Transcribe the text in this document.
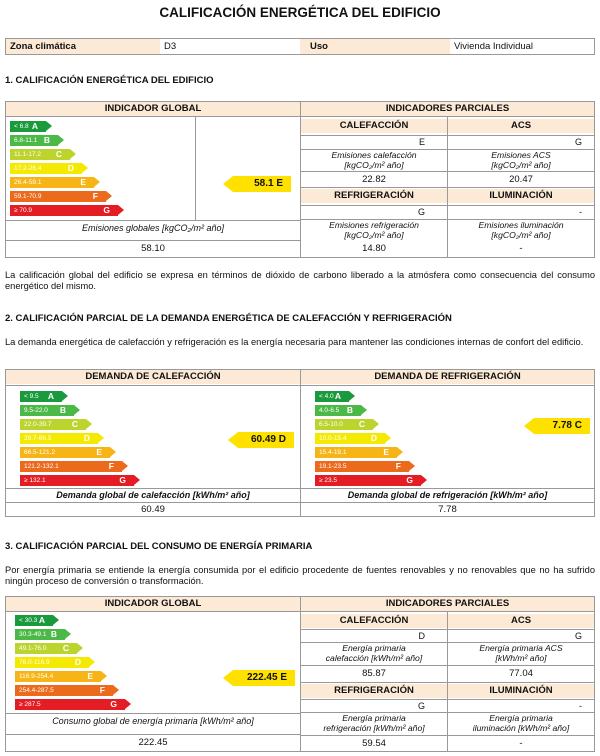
CALIFICACIÓN ENERGÉTICA DEL EDIFICIO
Zona climática	D3	Uso	Vivienda Individual
1. CALIFICACIÓN ENERGÉTICA DEL EDIFICIO
INDICADOR GLOBAL	INDICADORES PARCIALES
< 6.8 A
6.8-11.1 B
11.1-17.2 C
17.2-26.4	D
26.4-59.1	E
59.1-70.9	F
≥ 70.9	G
58.1 E
Emisiones globales [kgCO₂/m² año]
58.10
CALEFACCIÓN	ACS
E	G
Emisiones calefacción
[kgCO₂/m² año]
Emisiones ACS
[kgCO₂/m² año]
22.82	20.47
REFRIGERACIÓN	ILUMINACIÓN
G	-
Emisiones refrigeración
[kgCO₂/m² año]
Emisiones iluminación
[kgCO₂/m² año]
14.80	-
La calificación global del edificio se expresa en términos de dióxido de carbono liberado a la atmósfera como consecuencia del consumo energético del mismo.
2. CALIFICACIÓN PARCIAL DE LA DEMANDA ENERGÉTICA DE CALEFACCIÓN Y REFRIGERACIÓN
La demanda energética de calefacción y refrigeración es la energía necesaria para mantener las condiciones internas de confort del edificio.
DEMANDA DE CALEFACCIÓN	DEMANDA DE REFRIGERACIÓN
< 9.5 A
9.5-22.0 B
22.0-39.7 C
39.7-66.5	D
66.5-121.2	E
121.2-132.1	F
≥ 132.1	G
< 4.0 A
4.0-6.5 B
6.5-10.0 C
10.0-15.4	D
15.4-19.1	E
19.1-23.5	F
≥ 23.5	G
60.49 D
7.78 C
Demanda global de calefacción [kWh/m² año]	Demanda global de refrigeración [kWh/m² año]
60.49	7.78
3. CALIFICACIÓN PARCIAL DEL CONSUMO DE ENERGÍA PRIMARIA
Por energía primaria se entiende la energía consumida por el edificio procedente de fuentes renovables y no renovables que no ha sufrido ningún proceso de conversión o transformación.
INDICADOR GLOBAL	INDICADORES PARCIALES
< 30.3 A
30.3-49.1 B
49.1-76.0 C
76.0-116.9	D
116.9-254.4	E
254.4-287.5	F
≥ 287.5	G
222.45 E
Consumo global de energía primaria [kWh/m² año]
222.45
CALEFACCIÓN	ACS
D	G
Energía primaria
calefacción [kWh/m² año]
Energía primaria ACS
[kWh/m² año]
85.87	77.04
REFRIGERACIÓN	ILUMINACIÓN
G	-
Energía primaria
refrigeración [kWh/m² año]
Energía primaria
iluminación [kWh/m² año]
59.54	-
